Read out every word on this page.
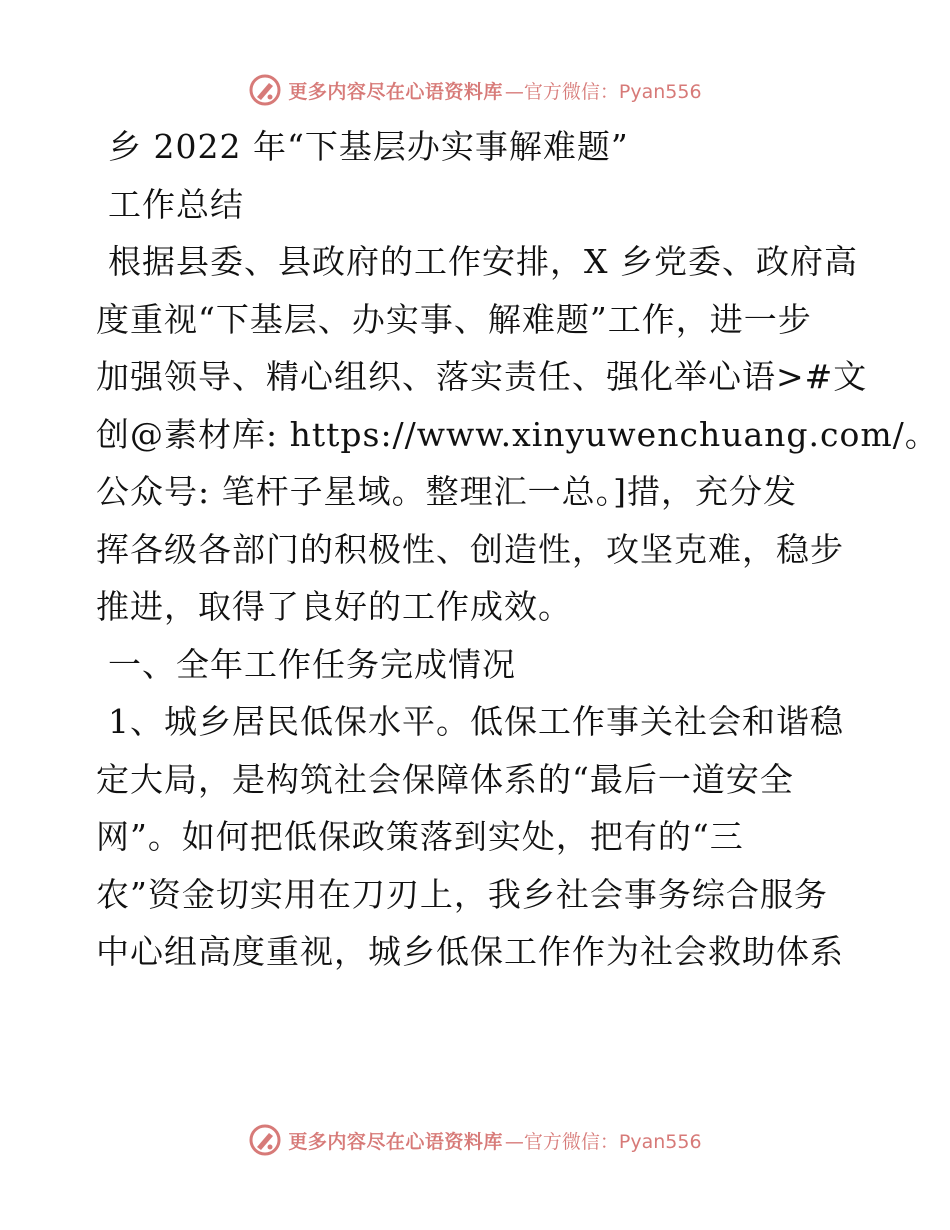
更多内容尽在心语资料库 —官方微信：Pyan556

乡 2022 年“下基层办实事解难题”

工作总结

根据县委、县政府的工作安排，X 乡党委、政府高

度重视“下基层、办实事、解难题”工作，进一步

加强领导、精心组织、落实责任、强化举心语>#文

创@素材库: https://www.xinyuwenchuang.com/。

公众号: 笔杆子星域。整理汇一总。]措，充分发

挥各级各部门的积极性、创造性，攻坚克难，稳步

推进，取得了良好的工作成效。

一、全年工作任务完成情况

1、城乡居民低保水平。低保工作事关社会和谐稳

定大局，是构筑社会保障体系的“最后一道安全

网”。如何把低保政策落到实处，把有的“三

农”资金切实用在刀刃上，我乡社会事务综合服务

中心组高度重视，城乡低保工作作为社会救助体系

更多内容尽在心语资料库 —官方微信：Pyan556
